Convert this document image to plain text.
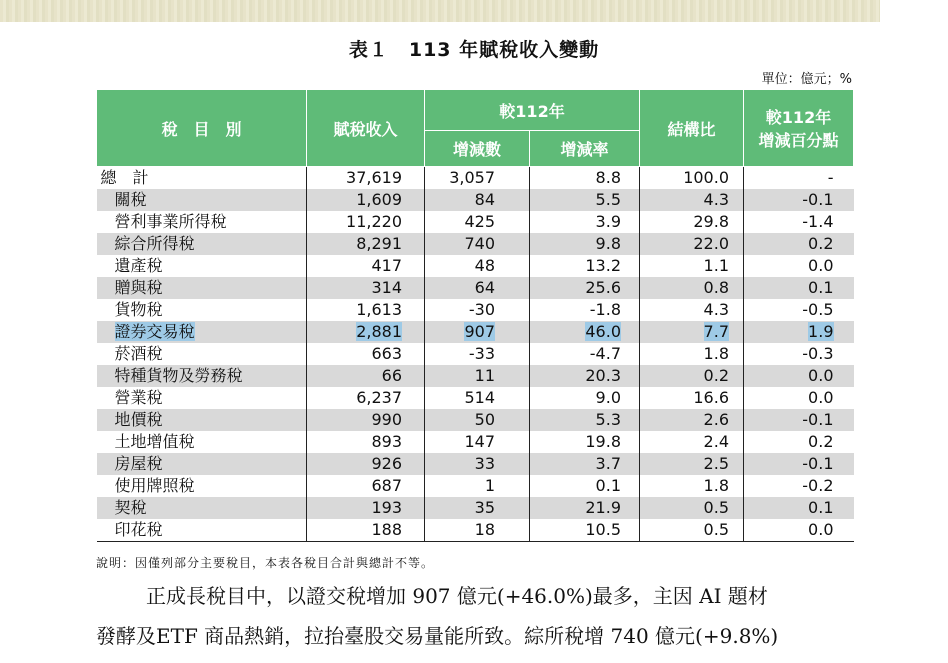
表１　113 年賦稅收入變動
單位：億元；%
稅　目　別	賦稅收入	較112年		結構比	較112年
增減百分點

		增減數	增減率		
總　計	37,619	3,057	8.8	100.0	-
關稅	1,609	84	5.5	4.3	-0.1
營利事業所得稅	11,220	425	3.9	29.8	-1.4
綜合所得稅	8,291	740	9.8	22.0	0.2
遺產稅	417	48	13.2	1.1	0.0
贈與稅	314	64	25.6	0.8	0.1
貨物稅	1,613	-30	-1.8	4.3	-0.5
證券交易稅	2,881	907	46.0	7.7	1.9
菸酒稅	663	-33	-4.7	1.8	-0.3
特種貨物及勞務稅	66	11	20.3	0.2	0.0
營業稅	6,237	514	9.0	16.6	0.0
地價稅	990	50	5.3	2.6	-0.1
土地增值稅	893	147	19.8	2.4	0.2
房屋稅	926	33	3.7	2.5	-0.1
使用牌照稅	687	1	0.1	1.8	-0.2
契稅	193	35	21.9	0.5	0.1
印花稅	188	18	10.5	0.5	0.0
說明：因僅列部分主要稅目，本表各稅目合計與總計不等。
正成長稅目中，以證交稅增加 907 億元(+46.0%)最多，主因 AI 題材
發酵及ETF 商品熱銷，拉抬臺股交易量能所致。綜所稅增 740 億元(+9.8%)
